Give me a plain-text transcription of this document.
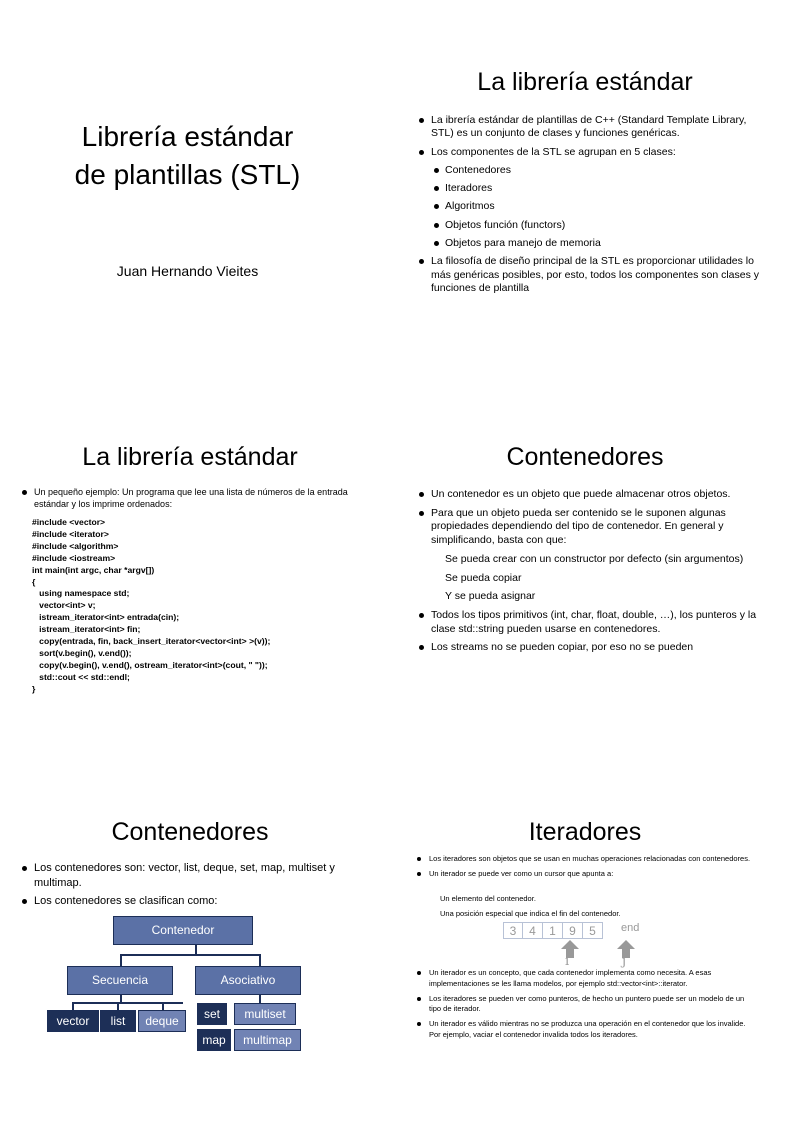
Librería estándar
de plantillas (STL)
Juan Hernando Vieites
La librería estándar
La ibrería estándar de plantillas de C++ (Standard Template Library, STL) es un conjunto de clases y funciones genéricas.
Los componentes de la STL se agrupan en 5 clases:
Contenedores
Iteradores
Algoritmos
Objetos función (functors)
Objetos para manejo de memoria
La filosofía de diseño principal de la STL es proporcionar utilidades lo más genéricas posibles, por esto, todos los componentes son clases y funciones de plantilla
La librería estándar
Un pequeño ejemplo: Un programa que lee una lista de números de la entrada estándar y los imprime ordenados:
#include <vector>
#include <iterator>
#include <algorithm>
#include <iostream>
int main(int argc, char *argv[])
{
using namespace std;
vector<int> v;
istream_iterator<int> entrada(cin);
istream_iterator<int> fin;
copy(entrada, fin, back_insert_iterator<vector<int> >(v));
sort(v.begin(), v.end());
copy(v.begin(), v.end(), ostream_iterator<int>(cout, " "));
std::cout << std::endl;
}
Contenedores
Un contenedor es un objeto que puede almacenar otros objetos.
Para que un objeto pueda ser contenido se le suponen algunas propiedades dependiendo del tipo de contenedor. En general y simplificando, basta con que:
Se pueda crear con un constructor por defecto (sin argumentos)
Se pueda copiar
Y se pueda asignar
Todos los tipos primitivos (int, char, float, double, …), los punteros y la clase std::string pueden usarse en contenedores.
Los streams no se pueden copiar, por eso no se pueden
Contenedores
Los contenedores son: vector, list, deque, set, map, multiset y multimap.
Los contenedores se clasifican como:
Contenedor
Secuencia	Asociativo
vector	list	deque	set	multiset
map	multimap
Iteradores
Los iteradores son objetos que se usan en muchas operaciones relacionadas con contenedores.
Un iterador se puede ver como un cursor que apunta a:
Un elemento del contenedor.
Una posición especial que indica el fin del contenedor.
3	4	1	9	5	end
i	j
Un iterador es un concepto, que cada contenedor implementa como necesita. A esas implementaciones se les llama modelos, por ejemplo std::vector<int>::iterator.
Los iteradores se pueden ver como punteros, de hecho un puntero puede ser un modelo de un tipo de iterador.
Un iterador es válido mientras no se produzca una operación en el contenedor que los invalide. Por ejemplo, vaciar el contenedor invalida todos los iteradores.
